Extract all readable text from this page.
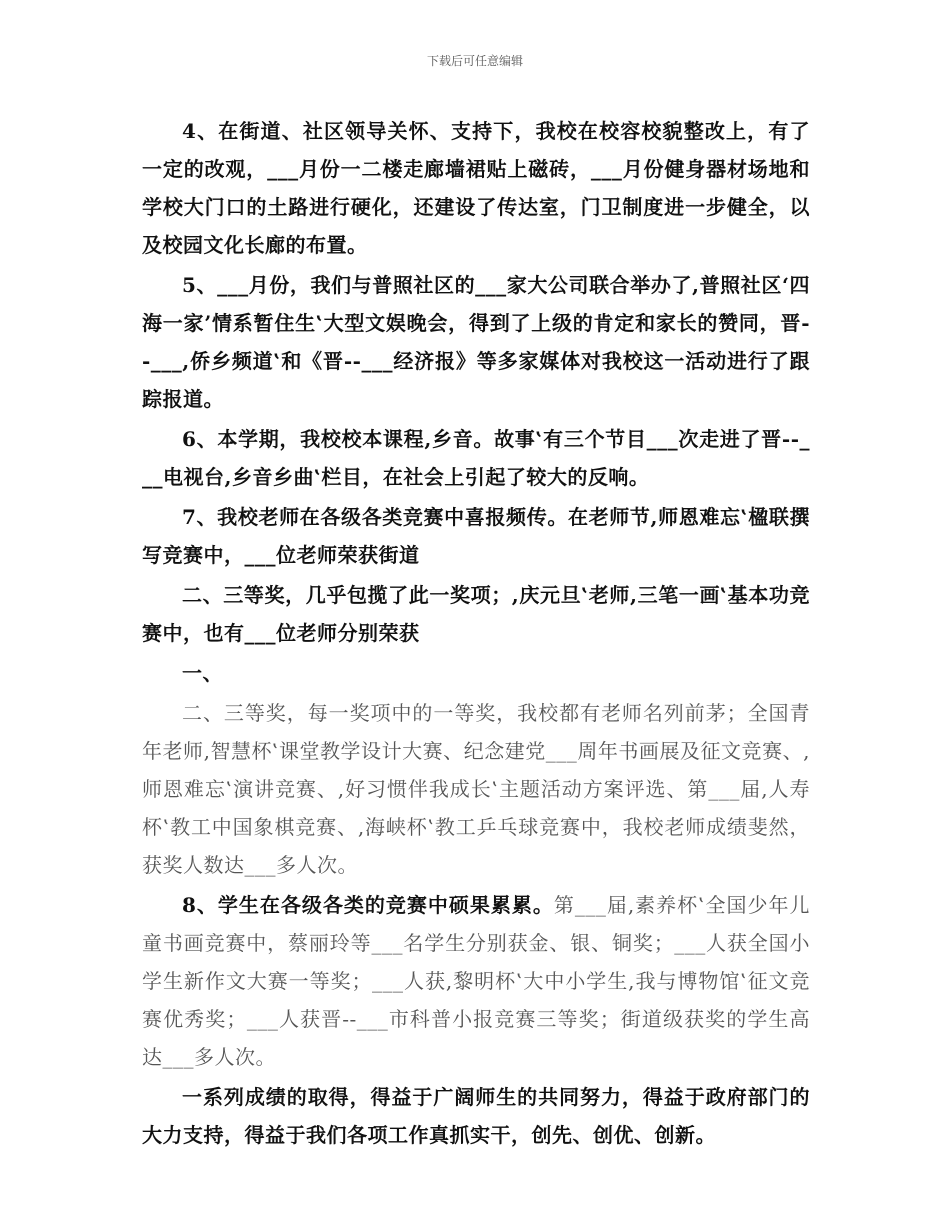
下载后可任意编辑

4、在街道、社区领导关怀、支持下，我校在校容校貌整改上，有了一定的改观，___月份一二楼走廊墙裙贴上磁砖，___月份健身器材场地和学校大门口的土路进行硬化，还建设了传达室，门卫制度进一步健全，以及校园文化长廊的布置。

5、___月份，我们与普照社区的___家大公司联合举办了,普照社区‘四海一家’情系暂住生‛大型文娱晚会，得到了上级的肯定和家长的赞同，晋--___,侨乡频道‛和《晋--___经济报》等多家媒体对我校这一活动进行了跟踪报道。

6、本学期，我校校本课程,乡音。故事‛有三个节目___次走进了晋--___电视台,乡音乡曲‛栏目，在社会上引起了较大的反响。

7、我校老师在各级各类竞赛中喜报频传。在老师节,师恩难忘‛楹联撰写竞赛中，___位老师荣获街道

二、三等奖，几乎包揽了此一奖项；,庆元旦‛老师,三笔一画‛基本功竞赛中，也有___位老师分别荣获

一、

二、三等奖，每一奖项中的一等奖，我校都有老师名列前茅；全国青年老师,智慧杯‛课堂教学设计大赛、纪念建党___周年书画展及征文竞赛、,师恩难忘‛演讲竞赛、,好习惯伴我成长‛主题活动方案评选、第___届,人寿杯‛教工中国象棋竞赛、,海峡杯‛教工乒乓球竞赛中，我校老师成绩斐然，获奖人数达___多人次。

8、学生在各级各类的竞赛中硕果累累。第___届,素养杯‛全国少年儿童书画竞赛中，蔡丽玲等___名学生分别获金、银、铜奖；___人获全国小学生新作文大赛一等奖；___人获,黎明杯‛大中小学生,我与博物馆‛征文竞赛优秀奖；___人获晋--___市科普小报竞赛三等奖；街道级获奖的学生高达___多人次。

一系列成绩的取得，得益于广阔师生的共同努力，得益于政府部门的大力支持，得益于我们各项工作真抓实干，创先、创优、创新。
